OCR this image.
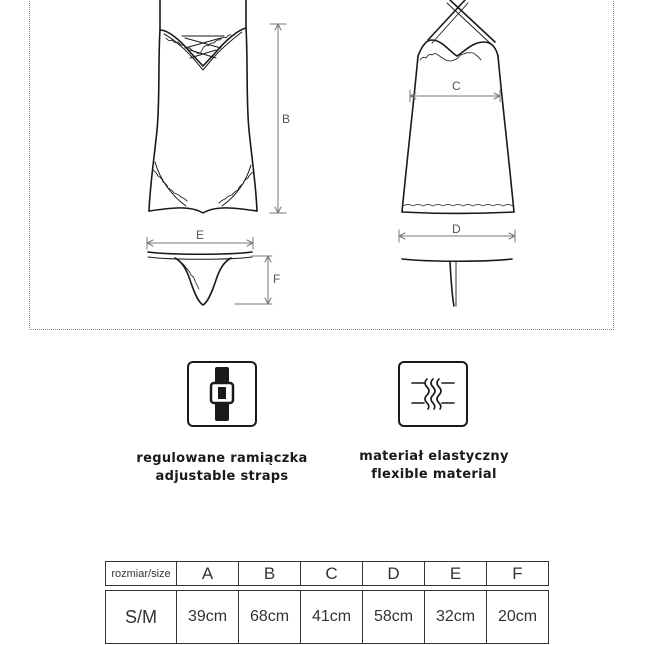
B
C
E	D
F
regulowane ramiączka
adjustable straps
materiał elastyczny
flexible material
rozmiar/size	A	B	C	D	E	F

S/M	39cm	68cm	41cm	58cm	32cm	20cm
